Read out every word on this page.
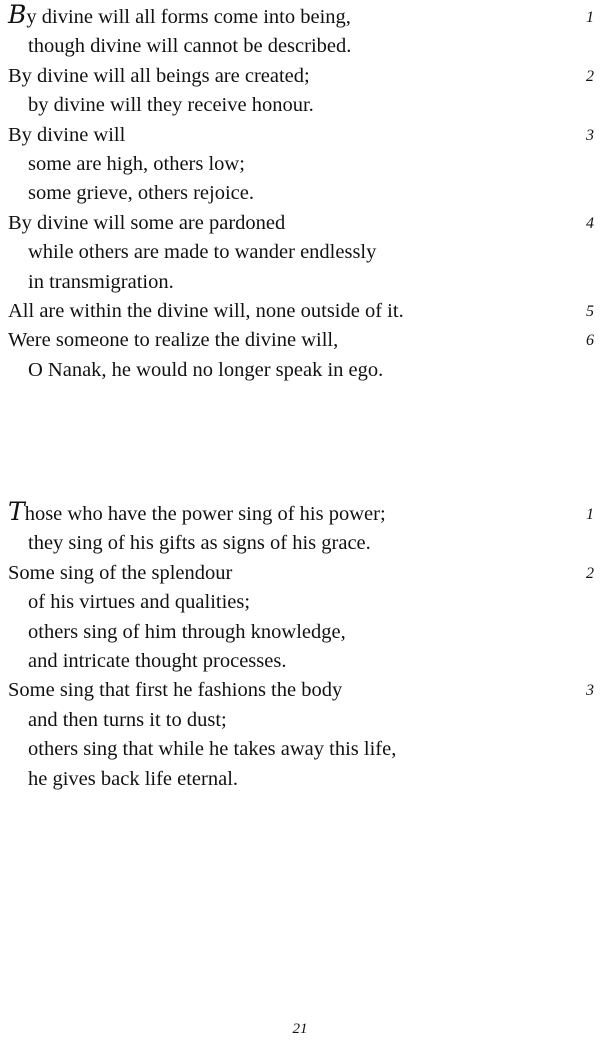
By divine will all forms come into being,	1
though divine will cannot be described.
By divine will all beings are created;	2
by divine will they receive honour.
By divine will	3
some are high, others low;
some grieve, others rejoice.
By divine will some are pardoned	4
while others are made to wander endlessly
in transmigration.
All are within the divine will, none outside of it.	5
Were someone to realize the divine will,	6
O Nanak, he would no longer speak in ego.
Those who have the power sing of his power;	1
they sing of his gifts as signs of his grace.
Some sing of the splendour	2
of his virtues and qualities;
others sing of him through knowledge,
and intricate thought processes.
Some sing that first he fashions the body	3
and then turns it to dust;
others sing that while he takes away this life,
he gives back life eternal.
21
